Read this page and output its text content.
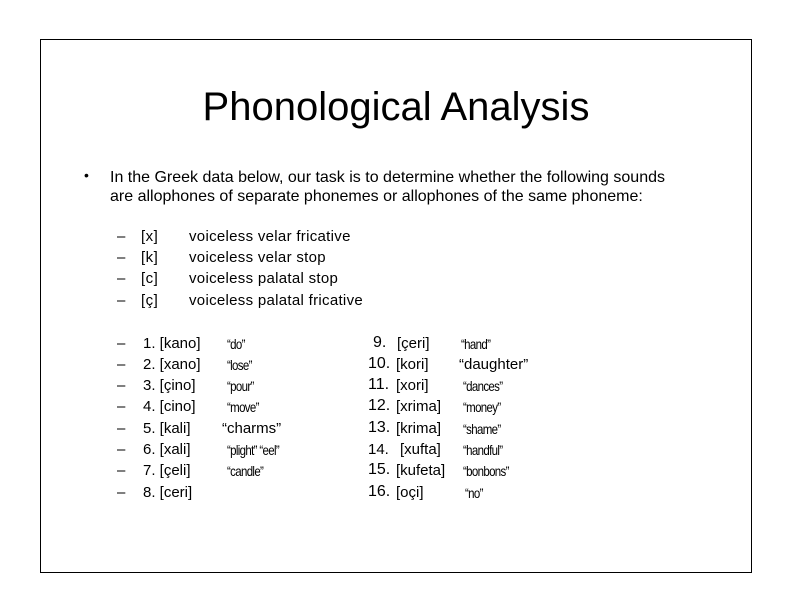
Phonological Analysis
• In the Greek data below, our task is to determine whether the following sounds are allophones of separate phonemes or allophones of the same phoneme:
– [x] voiceless velar fricative
– [k] voiceless velar stop
– [c] voiceless palatal stop
– [ç] voiceless palatal fricative
– 1. [kano] “do”
– 2. [xano] “lose”
– 3. [çino] “pour”
– 4. [cino] “move”
– 5. [kali] “charms”
– 6. [xali]	“plight” “eel”
– 7. [çeli]	“candle”
– 8. [ceri]
9. [çeri] “hand”
10. [kori] “daughter”
11. [xori] “dances”
12. [xrima] “money”
13. [krima] “shame”
14. [xufta] “handful”
15. [kufeta] “bonbons”
16. [oçi]	“no”
